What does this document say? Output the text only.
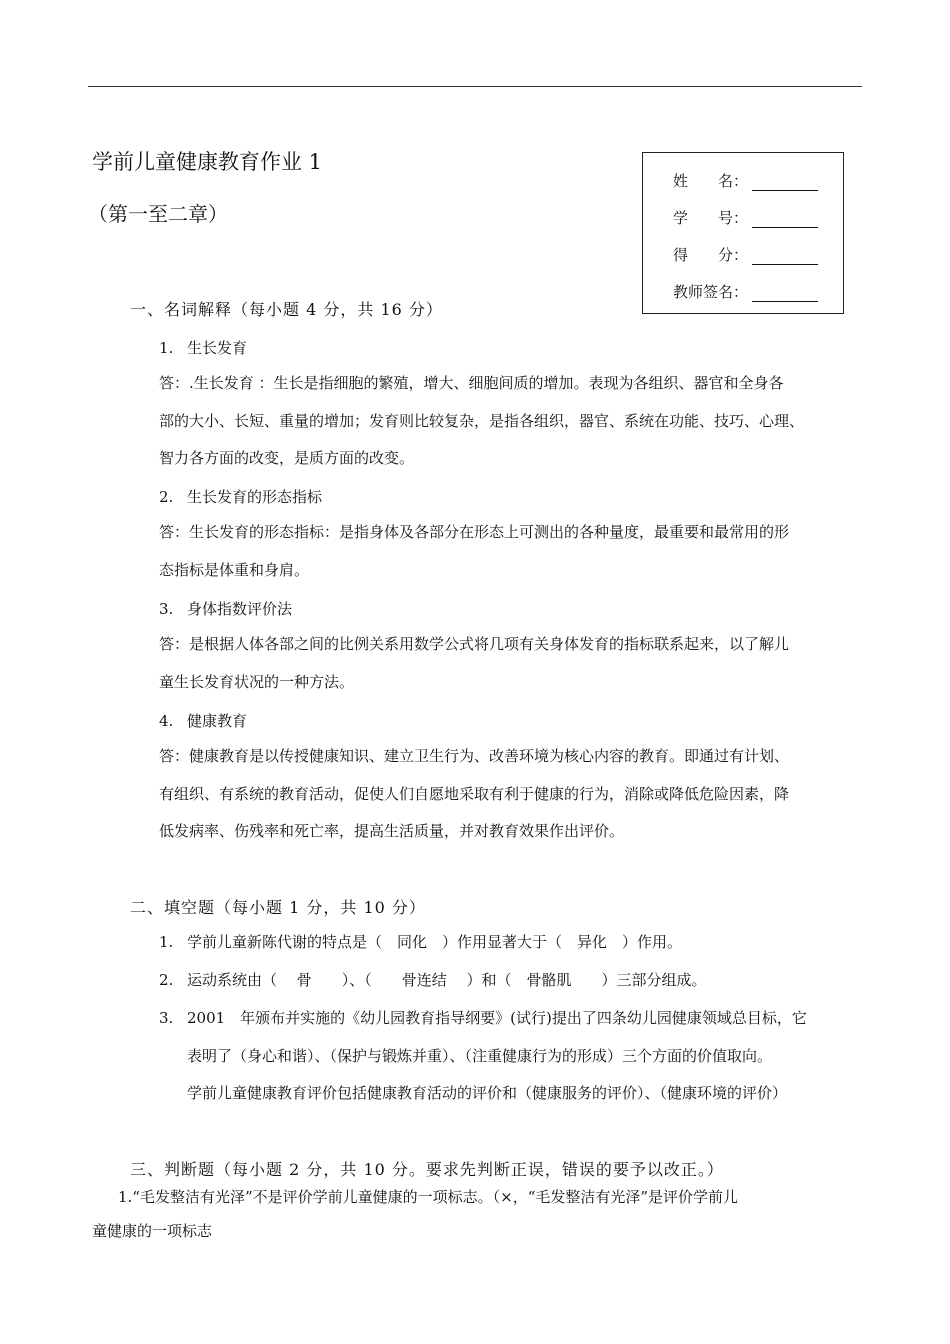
学前儿童健康教育作业 1
（第一至二章）
姓　　名：
学　　号：
得　　分：
教师签名：
一、名词解释（每小题 4 分，共 16 分）
1. 生长发育
答：.生长发育 ：生长是指细胞的繁殖，增大、细胞间质的增加。表现为各组织、器官和全身各
部的大小、长短、重量的增加；发育则比较复杂，是指各组织，器官、系统在功能、技巧、心理、
智力各方面的改变，是质方面的改变。
2. 生长发育的形态指标
答：生长发育的形态指标：是指身体及各部分在形态上可测出的各种量度，最重要和最常用的形
态指标是体重和身肩。
3. 身体指数评价法
答：是根据人体各部之间的比例关系用数学公式将几项有关身体发育的指标联系起来，以了解儿
童生长发育状况的一种方法。
4. 健康教育
答：健康教育是以传授健康知识、建立卫生行为、改善环境为核心内容的教育。即通过有计划、
有组织、有系统的教育活动，促使人们自愿地采取有利于健康的行为，消除或降低危险因素，降
低发病率、伤残率和死亡率，提高生活质量，并对教育效果作出评价。
二、填空题（每小题 1 分，共 10 分）
1. 学前儿童新陈代谢的特点是（　同化　）作用显著大于（　异化　）作用。
2. 运动系统由（　 骨　　）、（　　骨连结　 ）和（　骨骼肌　　）三部分组成。
3. 2001　年颁布并实施的《幼儿园教育指导纲要》(试行)提出了四条幼儿园健康领域总目标，它
表明了（身心和谐）、（保护与锻炼并重）、（注重健康行为的形成）三个方面的价值取向。
学前儿童健康教育评价包括健康教育活动的评价和（健康服务的评价）、（健康环境的评价）
三、判断题（每小题 2 分，共 10 分。要求先判断正误，错误的要予以改正。）
1.“毛发整洁有光泽”不是评价学前儿童健康的一项标志。（×，“毛发整洁有光泽”是评价学前儿
童健康的一项标志
